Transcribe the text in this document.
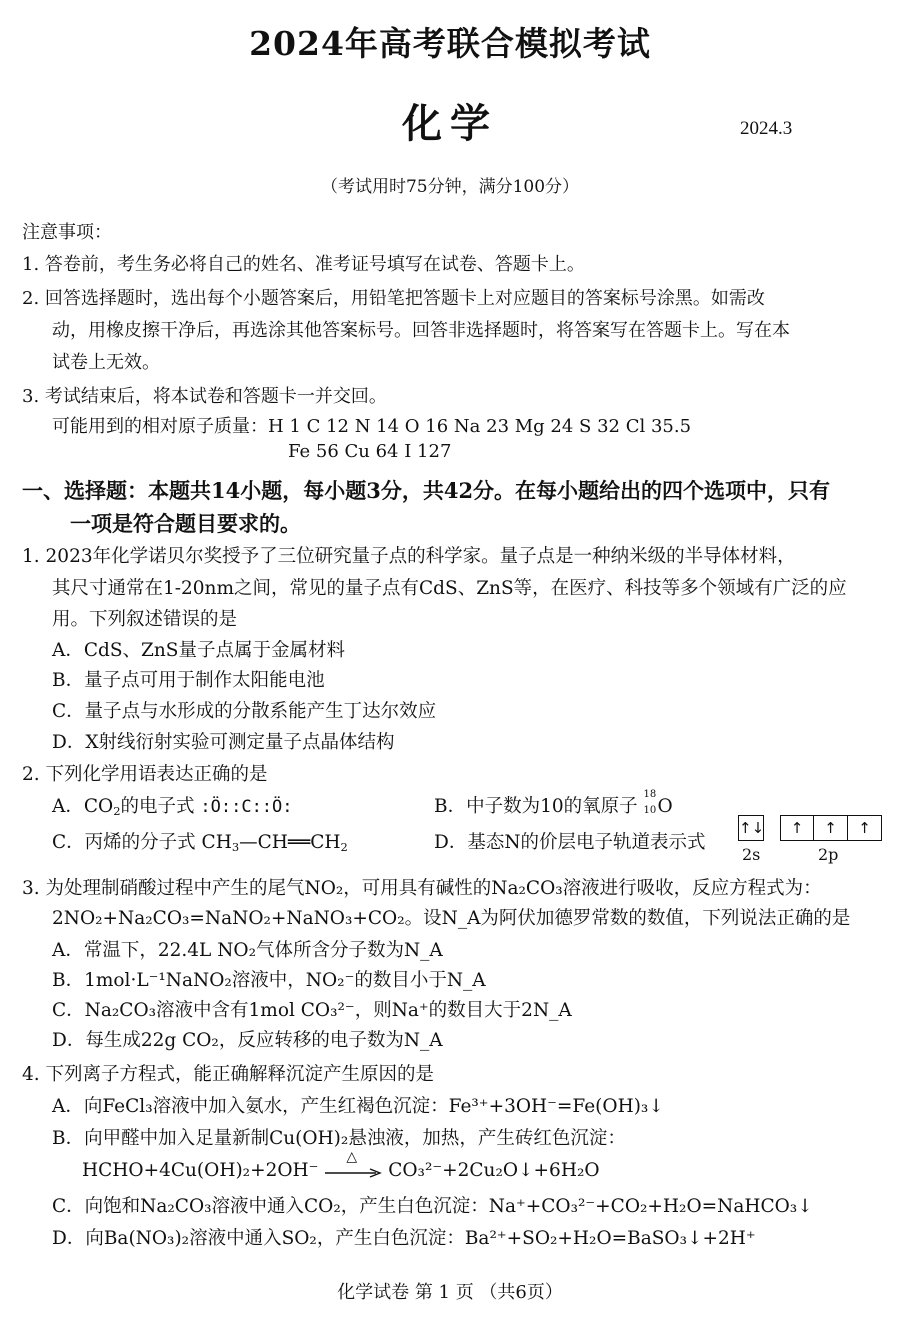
2024年高考联合模拟考试
化学	2024.3
（考试用时75分钟，满分100分）
注意事项：
1. 答卷前，考生务必将自己的姓名、准考证号填写在试卷、答题卡上。
2. 回答选择题时，选出每个小题答案后，用铅笔把答题卡上对应题目的答案标号涂黑。如需改
动，用橡皮擦干净后，再选涂其他答案标号。回答非选择题时，将答案写在答题卡上。写在本
试卷上无效。
3. 考试结束后，将本试卷和答题卡一并交回。
可能用到的相对原子质量：H 1 C 12 N 14 O 16 Na 23 Mg 24 S 32 Cl 35.5
Fe 56 Cu 64 I 127
一、选择题：本题共14小题，每小题3分，共42分。在每小题给出的四个选项中，只有
一项是符合题目要求的。
1. 2023年化学诺贝尔奖授予了三位研究量子点的科学家。量子点是一种纳米级的半导体材料，
其尺寸通常在1-20nm之间，常见的量子点有CdS、ZnS等，在医疗、科技等多个领域有广泛的应
用。下列叙述错误的是
A．CdS、ZnS量子点属于金属材料
B．量子点可用于制作太阳能电池
C．量子点与水形成的分散系能产生丁达尔效应
D．X射线衍射实验可测定量子点晶体结构
2. 下列化学用语表达正确的是
A．$CO_2$的电子式 :Ö::C::Ö:	B．中子数为10的氧原子
18
10 O
C．丙烯的分子式 $CH_3—CH══CH_2$	D．基态N的价层电子轨道表示式
↑↓	↑	↑	↑
2s	2p
3. 为处理制硝酸过程中产生的尾气NO₂，可用具有碱性的Na₂CO₃溶液进行吸收，反应方程式为：
2NO₂+Na₂CO₃=NaNO₂+NaNO₃+CO₂。设N_A为阿伏加德罗常数的数值，下列说法正确的是
A．常温下，22.4L NO₂气体所含分子数为N_A
B．1mol·L⁻¹NaNO₂溶液中，NO₂⁻的数目小于N_A
C．Na₂CO₃溶液中含有1mol CO₃²⁻，则Na⁺的数目大于2N_A
D．每生成22g CO₂，反应转移的电子数为N_A
4. 下列离子方程式，能正确解释沉淀产生原因的是
A．向FeCl₃溶液中加入氨水，产生红褐色沉淀：Fe³⁺+3OH⁻=Fe(OH)₃↓
B．向甲醛中加入足量新制Cu(OH)₂悬浊液，加热，产生砖红色沉淀：
HCHO+4Cu(OH)₂+2OH⁻
△
CO₃²⁻+2Cu₂O↓+6H₂O
C．向饱和Na₂CO₃溶液中通入CO₂，产生白色沉淀：Na⁺+CO₃²⁻+CO₂+H₂O=NaHCO₃↓
D．向Ba(NO₃)₂溶液中通入SO₂，产生白色沉淀：Ba²⁺+SO₂+H₂O=BaSO₃↓+2H⁺
化学试卷 第 1 页 （共6页）
